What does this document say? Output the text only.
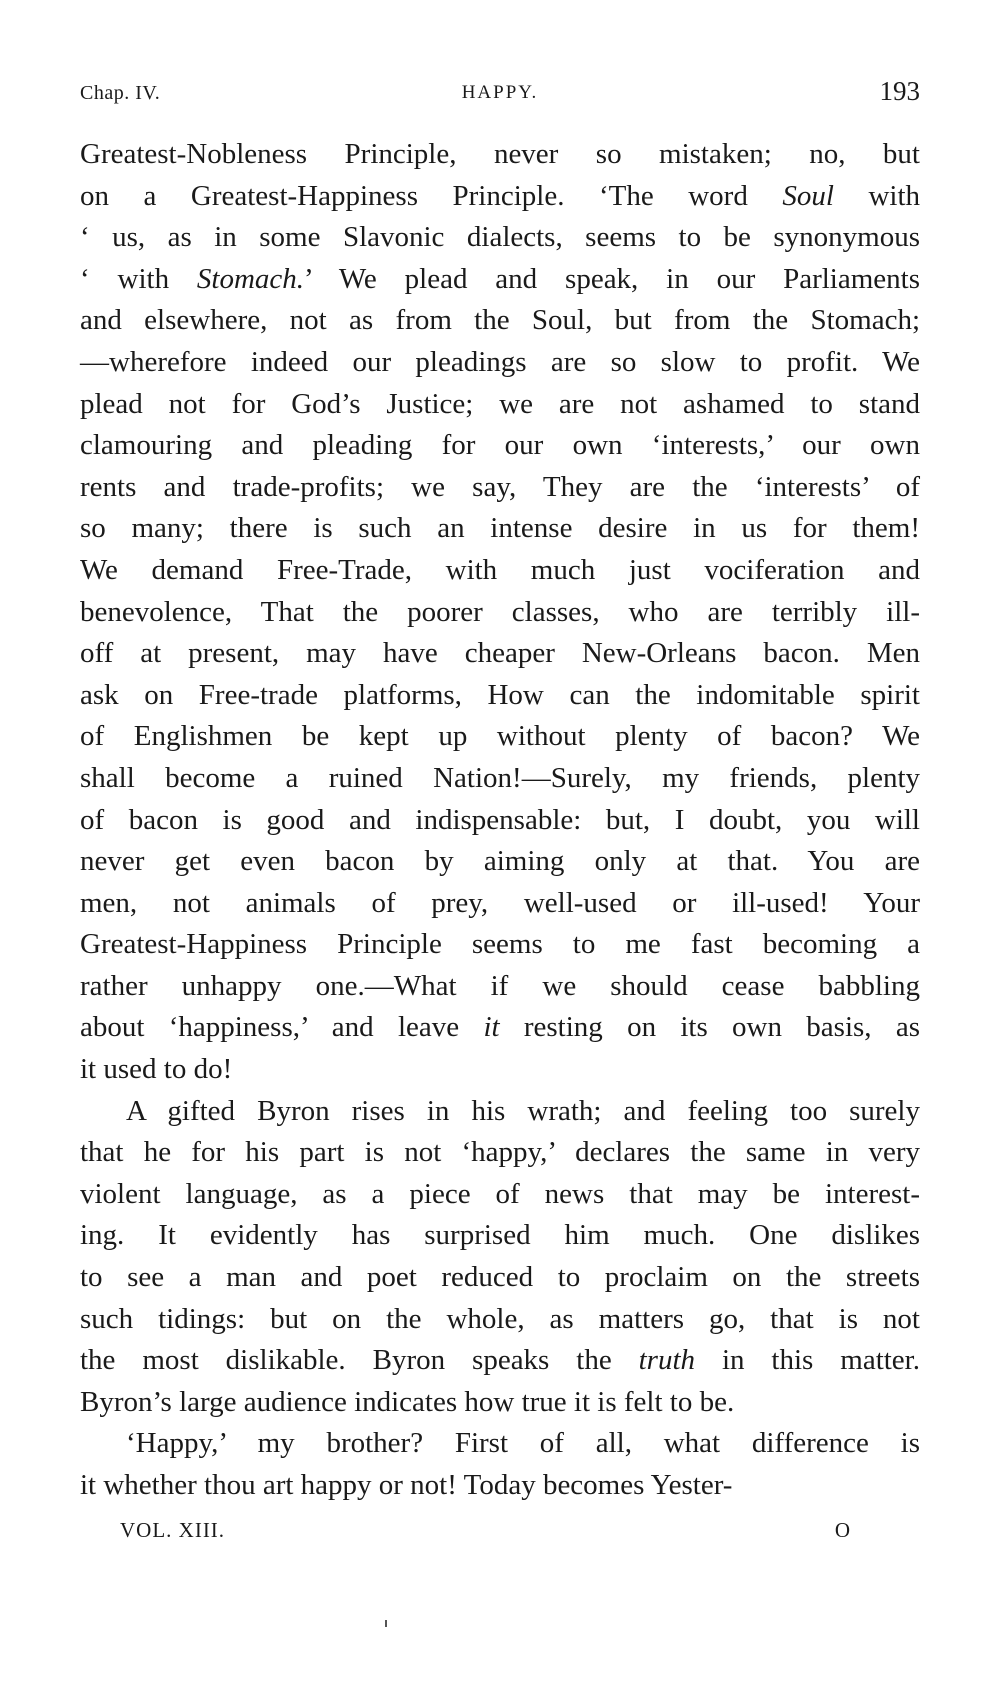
Chap. IV.	HAPPY.	193
Greatest-Nobleness Principle, never so mistaken; no, but
on a Greatest-Happiness Principle. ‘The word Soul with
‘ us, as in some Slavonic dialects, seems to be synonymous
‘ with Stomach.’ We plead and speak, in our Parliaments
and elsewhere, not as from the Soul, but from the Stomach;
—wherefore indeed our pleadings are so slow to profit. We
plead not for God’s Justice; we are not ashamed to stand
clamouring and pleading for our own ‘interests,’ our own
rents and trade-profits; we say, They are the ‘interests’ of
so many; there is such an intense desire in us for them!
We demand Free-Trade, with much just vociferation and
benevolence, That the poorer classes, who are terribly ill-
off at present, may have cheaper New-Orleans bacon. Men
ask on Free-trade platforms, How can the indomitable spirit
of Englishmen be kept up without plenty of bacon? We
shall become a ruined Nation!—Surely, my friends, plenty
of bacon is good and indispensable: but, I doubt, you will
never get even bacon by aiming only at that. You are
men, not animals of prey, well-used or ill-used! Your
Greatest-Happiness Principle seems to me fast becoming a
rather unhappy one.—What if we should cease babbling
about ‘happiness,’ and leave it resting on its own basis, as
it used to do!
A gifted Byron rises in his wrath; and feeling too surely
that he for his part is not ‘happy,’ declares the same in very
violent language, as a piece of news that may be interest-
ing. It evidently has surprised him much. One dislikes
to see a man and poet reduced to proclaim on the streets
such tidings: but on the whole, as matters go, that is not
the most dislikable. Byron speaks the truth in this matter.
Byron’s large audience indicates how true it is felt to be.
‘Happy,’ my brother? First of all, what difference is
it whether thou art happy or not! Today becomes Yester-
VOL. XIII.	O
